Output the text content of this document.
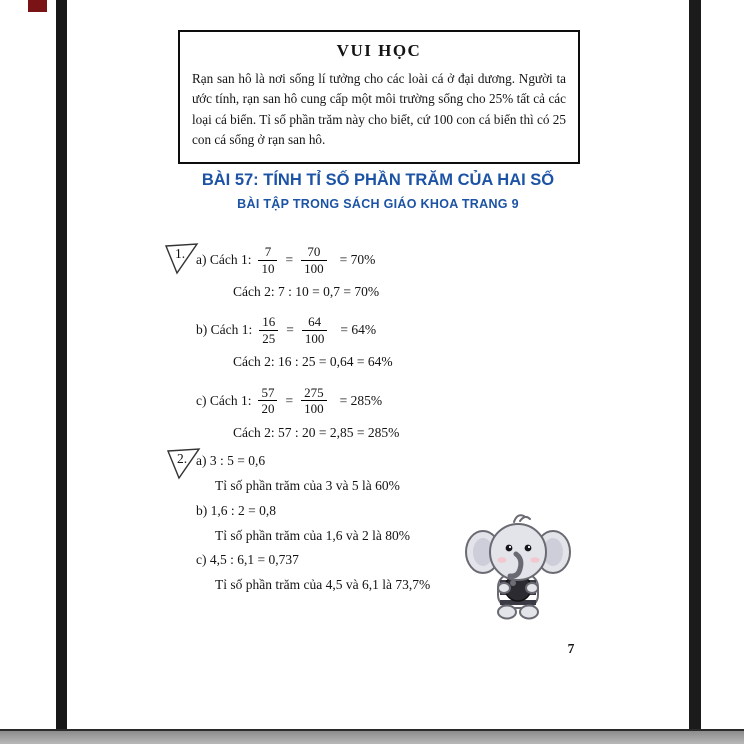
VUI HỌC
Rạn san hô là nơi sống lí tưởng cho các loài cá ở đại dương. Người ta ước tính, rạn san hô cung cấp một môi trường sống cho 25% tất cả các loại cá biển. Tỉ số phần trăm này cho biết, cứ 100 con cá biển thì có 25 con cá sống ở rạn san hô.
BÀI 57: TÍNH TỈ SỐ PHẦN TRĂM CỦA HAI SỐ
BÀI TẬP TRONG SÁCH GIÁO KHOA TRANG 9
1. a) Cách 1: $\frac{7}{10} = \frac{70}{100} = 70\%$
Cách 2: 7 : 10 = 0,7 = 70%
b) Cách 1: $\frac{16}{25} = \frac{64}{100} = 64\%$
Cách 2: 16 : 25 = 0,64 = 64%
c) Cách 1: $\frac{57}{20} = \frac{275}{100} = 285\%$
Cách 2: 57 : 20 = 2,85 = 285%
2. a) 3 : 5 = 0,6
Tỉ số phần trăm của 3 và 5 là 60%
b) 1,6 : 2 = 0,8
Tỉ số phần trăm của 1,6 và 2 là 80%
c) 4,5 : 6,1 = 0,737
Tỉ số phần trăm của 4,5 và 6,1 là 73,7%
7
